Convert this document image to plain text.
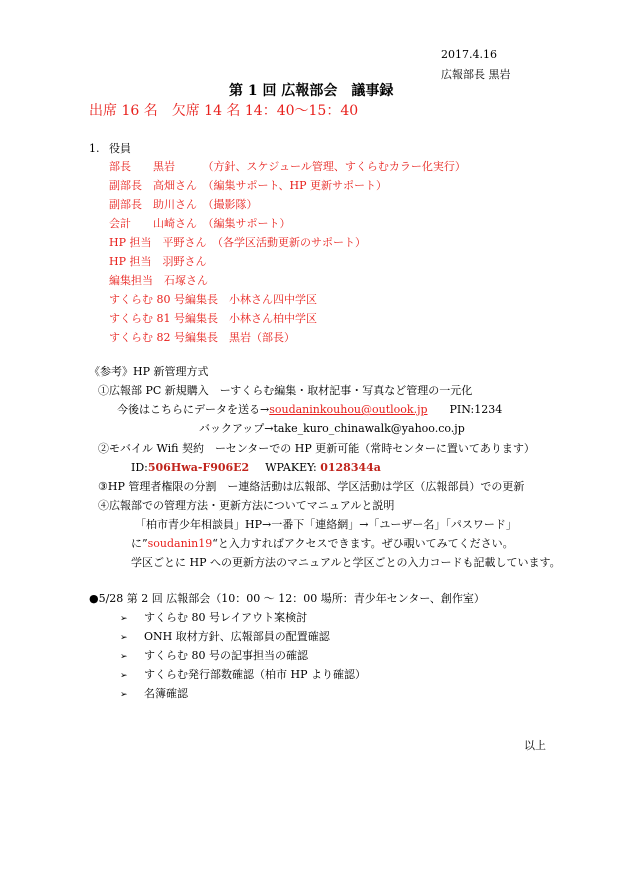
2017.4.16
広報部長 黒岩
第 1 回 広報部会　議事録
出席 16 名　欠席 14 名 14：40〜15：40
1. 役員
部長　　黒岩　　　（方針、スケジュール管理、すくらむカラー化実行）
副部長　高畑さん　（編集サポート、HP 更新サポート）
副部長　助川さん　（撮影隊）
会計　　山崎さん　（編集サポート）
HP 担当　平野さん　（各学区活動更新のサポート）
HP 担当　羽野さん
編集担当　石塚さん
すくらむ 80 号編集長　小林さん四中学区
すくらむ 81 号編集長　小林さん柏中学区
すくらむ 82 号編集長　黒岩（部長）
《参考》HP 新管理方式
①広報部 PC 新規購入　ーすくらむ編集・取材記事・写真など管理の一元化
今後はこちらにデータを送る→soudaninkouhou@outlook.jp PIN:1234
バックアップ→take_kuro_chinawalk@yahoo.co.jp
②モバイル Wifi 契約　ーセンターでの HP 更新可能（常時センターに置いてあります）
ID:506Hwa-F906E2 WPAKEY: 0128344a
③HP 管理者権限の分割　ー連絡活動は広報部、学区活動は学区（広報部員）での更新
④広報部での管理方法・更新方法についてマニュアルと説明
「柏市青少年相談員」HP→一番下「連絡網」→「ユーザー名」「パスワード」
に”soudanin19“と入力すればアクセスできます。ぜひ覗いてみてください。
学区ごとに HP への更新方法のマニュアルと学区ごとの入力コードも記載しています。
●5/28 第 2 回 広報部会（10：00 〜 12：00 場所：青少年センター、創作室）
➢ すくらむ 80 号レイアウト案検討
➢ ONH 取材方針、広報部員の配置確認
➢ すくらむ 80 号の記事担当の確認
➢ すくらむ発行部数確認（柏市 HP より確認）
➢ 名簿確認
以上
